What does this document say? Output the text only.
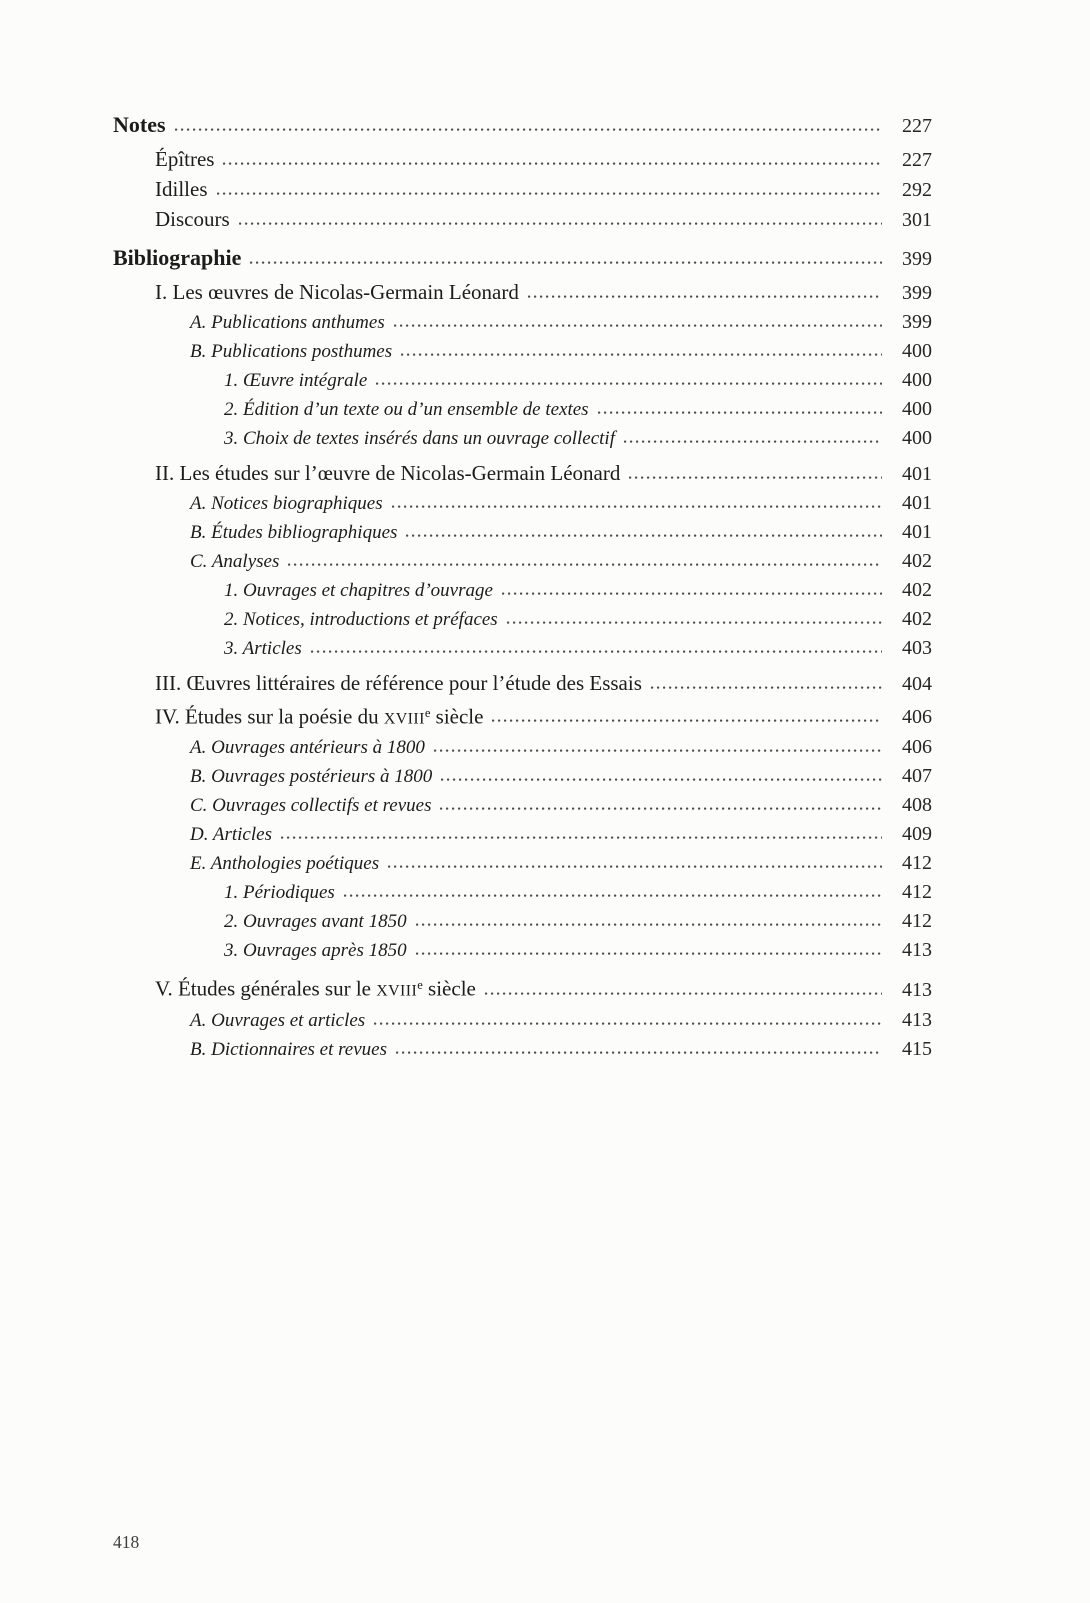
Notes	227
Épîtres	227
Idilles	292
Discours	301
Bibliographie	399
I. Les œuvres de Nicolas-Germain Léonard	399
A. Publications anthumes	399
B. Publications posthumes	400
1. Œuvre intégrale	400
2. Édition d’un texte ou d’un ensemble de textes	400
3. Choix de textes insérés dans un ouvrage collectif	400
II. Les études sur l’œuvre de Nicolas-Germain Léonard	401
A. Notices biographiques	401
B. Études bibliographiques	401
C. Analyses	402
1. Ouvrages et chapitres d’ouvrage	402
2. Notices, introductions et préfaces	402
3. Articles	403
III. Œuvres littéraires de référence pour l’étude des Essais	404
IV. Études sur la poésie du XVIIIe siècle	406
A. Ouvrages antérieurs à 1800	406
B. Ouvrages postérieurs à 1800	407
C. Ouvrages collectifs et revues	408
D. Articles	409
E. Anthologies poétiques	412
1. Périodiques	412
2. Ouvrages avant 1850	412
3. Ouvrages après 1850	413
V. Études générales sur le XVIIIe siècle	413
A. Ouvrages et articles	413
B. Dictionnaires et revues	415
418
